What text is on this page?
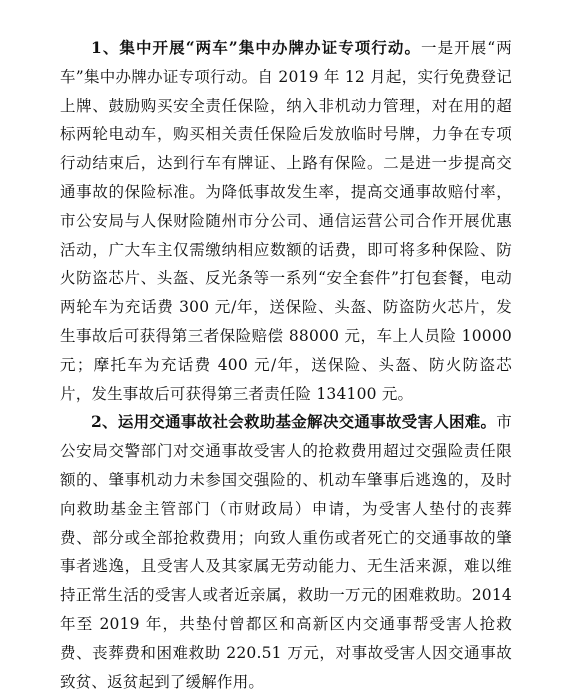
1、集中开展“两车”集中办牌办证专项行动。一是开展“两车”集中办牌办证专项行动。自 2019 年 12 月起，实行免费登记上牌、鼓励购买安全责任保险，纳入非机动力管理，对在用的超标两轮电动车，购买相关责任保险后发放临时号牌，力争在专项行动结束后，达到行车有牌证、上路有保险。二是进一步提高交通事故的保险标准。为降低事故发生率，提高交通事故赔付率，市公安局与人保财险随州市分公司、通信运营公司合作开展优惠活动，广大车主仅需缴纳相应数额的话费，即可将多种保险、防火防盗芯片、头盔、反光条等一系列“安全套件”打包套餐，电动两轮车为充话费 300 元/年，送保险、头盔、防盗防火芯片，发生事故后可获得第三者保险赔偿 88000 元，车上人员险 10000 元；摩托车为充话费 400 元/年，送保险、头盔、防火防盗芯片，发生事故后可获得第三者责任险 134100 元。

2、运用交通事故社会救助基金解决交通事故受害人困难。市公安局交警部门对交通事故受害人的抢救费用超过交强险责任限额的、肇事机动力未参国交强险的、机动车肇事后逃逸的，及时向救助基金主管部门（市财政局）申请，为受害人垫付的丧葬费、部分或全部抢救费用；向致人重伤或者死亡的交通事故的肇事者逃逸，且受害人及其家属无劳动能力、无生活来源，难以维持正常生活的受害人或者近亲属，救助一万元的困难救助。2014 年至 2019 年，共垫付曾都区和高新区内交通事帮受害人抢救费、丧葬费和困难救助 220.51 万元，对事故受害人因交通事故致贫、返贫起到了缓解作用。
